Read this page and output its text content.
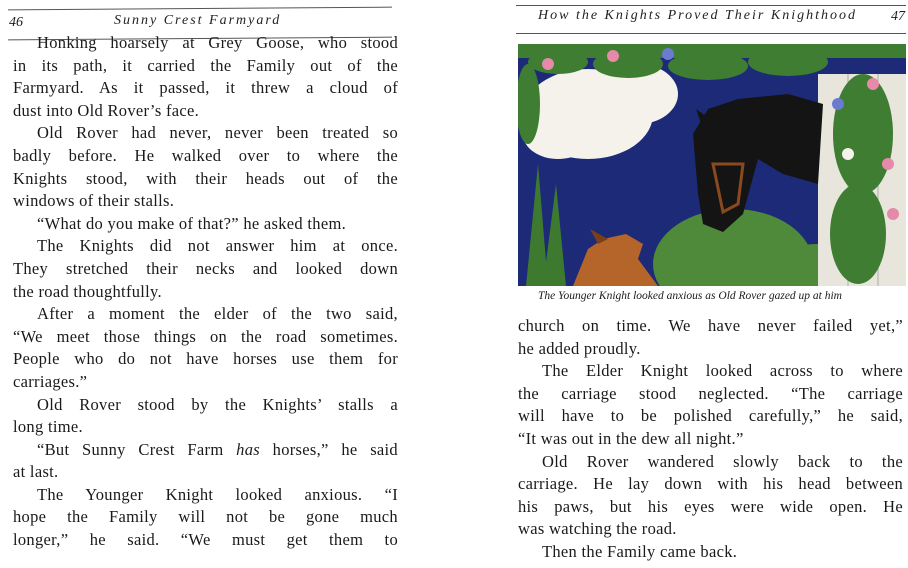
46	Sunny Crest Farmyard
Honking hoarsely at Grey Goose, who stood
in its path, it carried the Family out of the
Farmyard. As it passed, it threw a cloud of
dust into Old Rover’s face.
Old Rover had never, never been treated so
badly before. He walked over to where the
Knights stood, with their heads out of the
windows of their stalls.
“What do you make of that?” he asked them.
The Knights did not answer him at once.
They stretched their necks and looked down
the road thoughtfully.
After a moment the elder of the two said,
“We meet those things on the road sometimes.
People who do not have horses use them for
carriages.”
Old Rover stood by the Knights’ stalls a
long time.
“But Sunny Crest Farm has horses,” he said
at last.
The Younger Knight looked anxious. “I
hope the Family will not be gone much
longer,” he said. “We must get them to
How the Knights Proved Their Knighthood 47
The Younger Knight looked anxious as Old Rover gazed up at him
church on time. We have never failed yet,”
he added proudly.
The Elder Knight looked across to where
the carriage stood neglected. “The carriage
will have to be polished carefully,” he said,
“It was out in the dew all night.”
Old Rover wandered slowly back to the
carriage. He lay down with his head between
his paws, but his eyes were wide open. He
was watching the road.
Then the Family came back.
